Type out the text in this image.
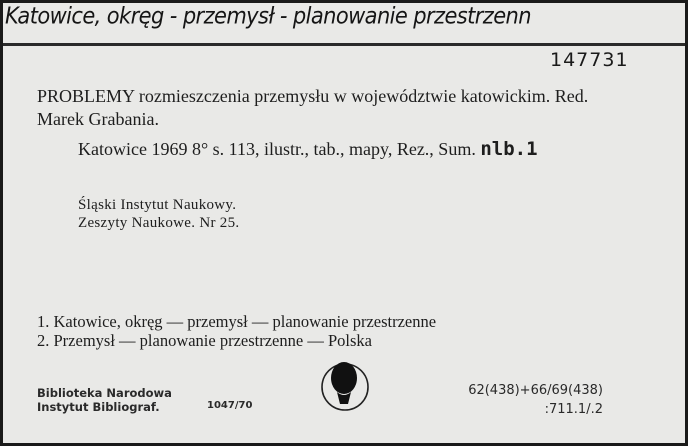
Katowice, okręg - przemysł - planowanie przestrzenn
147731

PROBLEMY rozmieszczenia przemysłu w województwie katowickim. Red. Marek Grabania.

Katowice 1969 8° s. 113, ilustr., tab., mapy, Rez., Sum. nlb.1

Śląski Instytut Naukowy.
Zeszyty Naukowe. Nr 25.
1. Katowice, okręg — przemysł — planowanie przestrzenne
2. Przemysł — planowanie przestrzenne — Polska
Biblioteka Narodowa
Instytut Bibliograf.	1047/70
62(438)+66/69(438)
:711.1/.2
